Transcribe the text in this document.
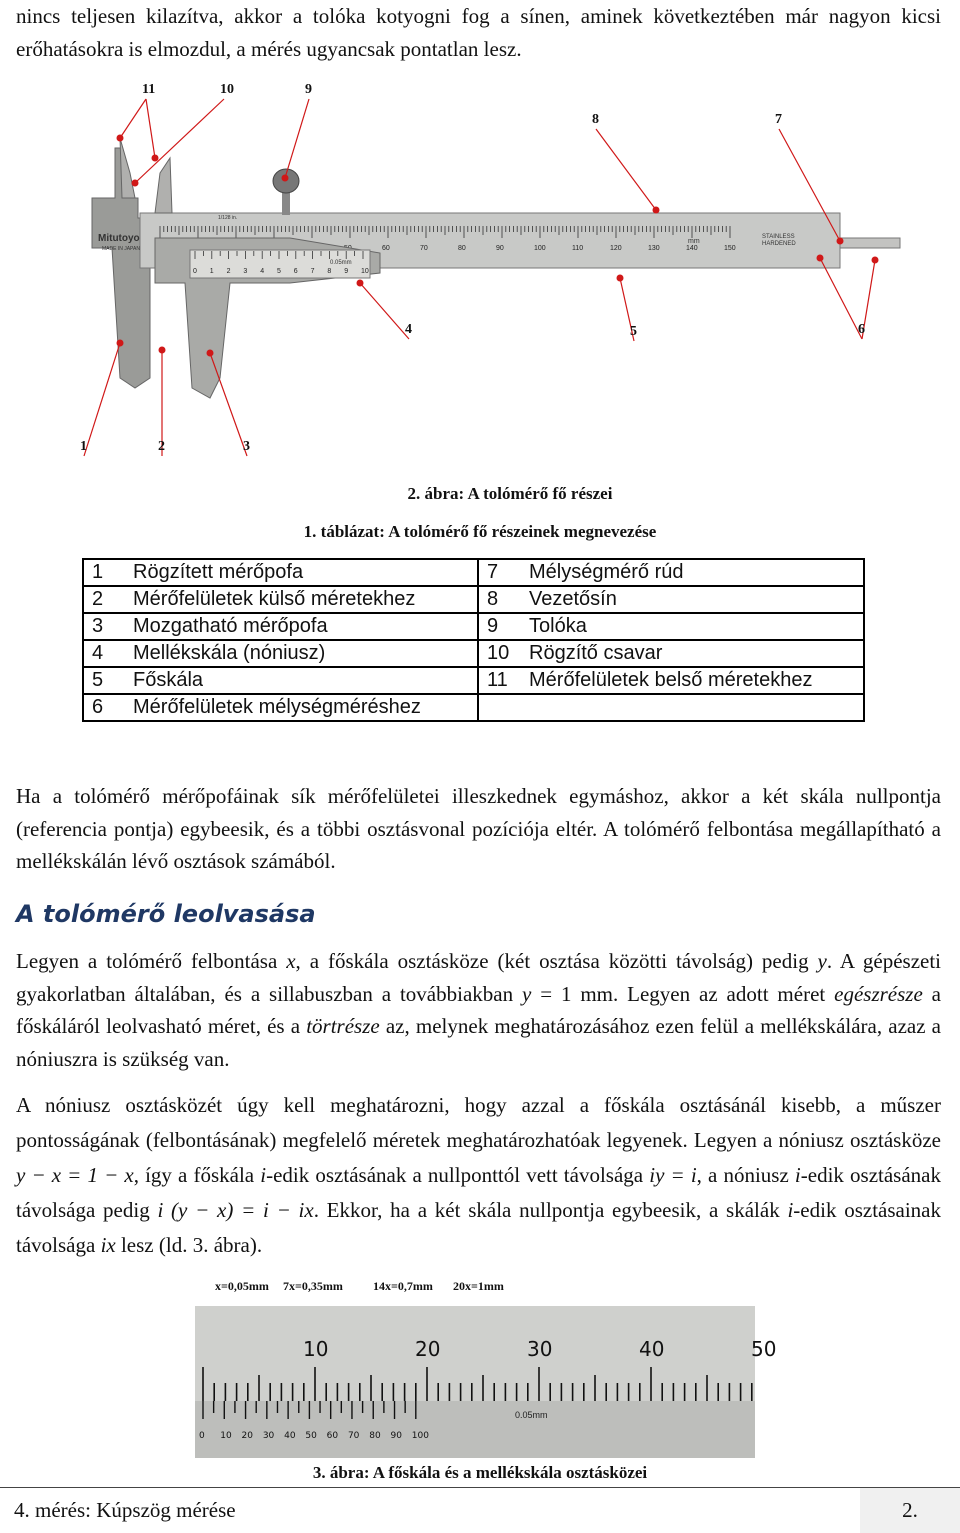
nincs teljesen kilazítva, akkor a tolóka kotyogni fog a sínen, aminek következtében már nagyon kicsi erőhatásokra is elmozdul, a mérés ugyancsak pontatlan lesz.
60	70	80	90	100	110	120	130	140	150
0 1 2 3 4 5 6 7 8 9 10
Mitutoyo
MADE IN JAPAN
STAINLESS
HARDENED
mm
1/128 in.
0.05mm
11	10	9
8	7
4	5	6
1	2	3
2. ábra: A tolómérő fő részei
1. táblázat: A tolómérő fő részeinek megnevezése
1	Rögzített mérőpofa	7	Mélységmérő rúd
2	Mérőfelületek külső méretekhez	8	Vezetősín
3	Mozgatható mérőpofa	9	Tolóka
4	Mellékskála (nóniusz)	10	Rögzítő csavar
5	Főskála	11	Mérőfelületek belső méretekhez
6	Mérőfelületek mélységméréshez		
Ha a tolómérő mérőpofáinak sík mérőfelületei illeszkednek egymáshoz, akkor a két skála nullpontja (referencia pontja) egybeesik, és a többi osztásvonal pozíciója eltér. A tolómérő felbontása megállapítható a mellékskálán lévő osztások számából.
A tolómérő leolvasása
Legyen a tolómérő felbontása x, a főskála osztásköze (két osztása közötti távolság) pedig y. A gépészeti gyakorlatban általában, és a sillabuszban a továbbiakban y = 1 mm. Legyen az adott méret egészrésze a főskáláról leolvasható méret, és a törtrésze az, melynek meghatározásához ezen felül a mellékskálára, azaz a nóniuszra is szükség van.
A nóniusz osztásközét úgy kell meghatározni, hogy azzal a főskála osztásánál kisebb, a műszer pontosságának (felbontásának) megfelelő méretek meghatározhatóak legyenek. Legyen a nóniusz osztásköze y − x = 1 − x, így a főskála i-edik osztásának a nullponttól vett távolsága iy = i, a nóniusz i-edik osztásának távolsága pedig i (y − x) = i − ix. Ekkor, ha a két skála nullpontja egybeesik, a skálák i-edik osztásainak távolsága ix lesz (ld. 3. ábra).
x=0,05mm 7x=0,35mm	14x=0,7mm 20x=1mm
10	20	30	40	50
0 10 20 30 40 50 60 70 80 90 100
0.05mm
3. ábra: A főskála és a mellékskála osztásközei
4. mérés: Kúpszög mérése	2.
